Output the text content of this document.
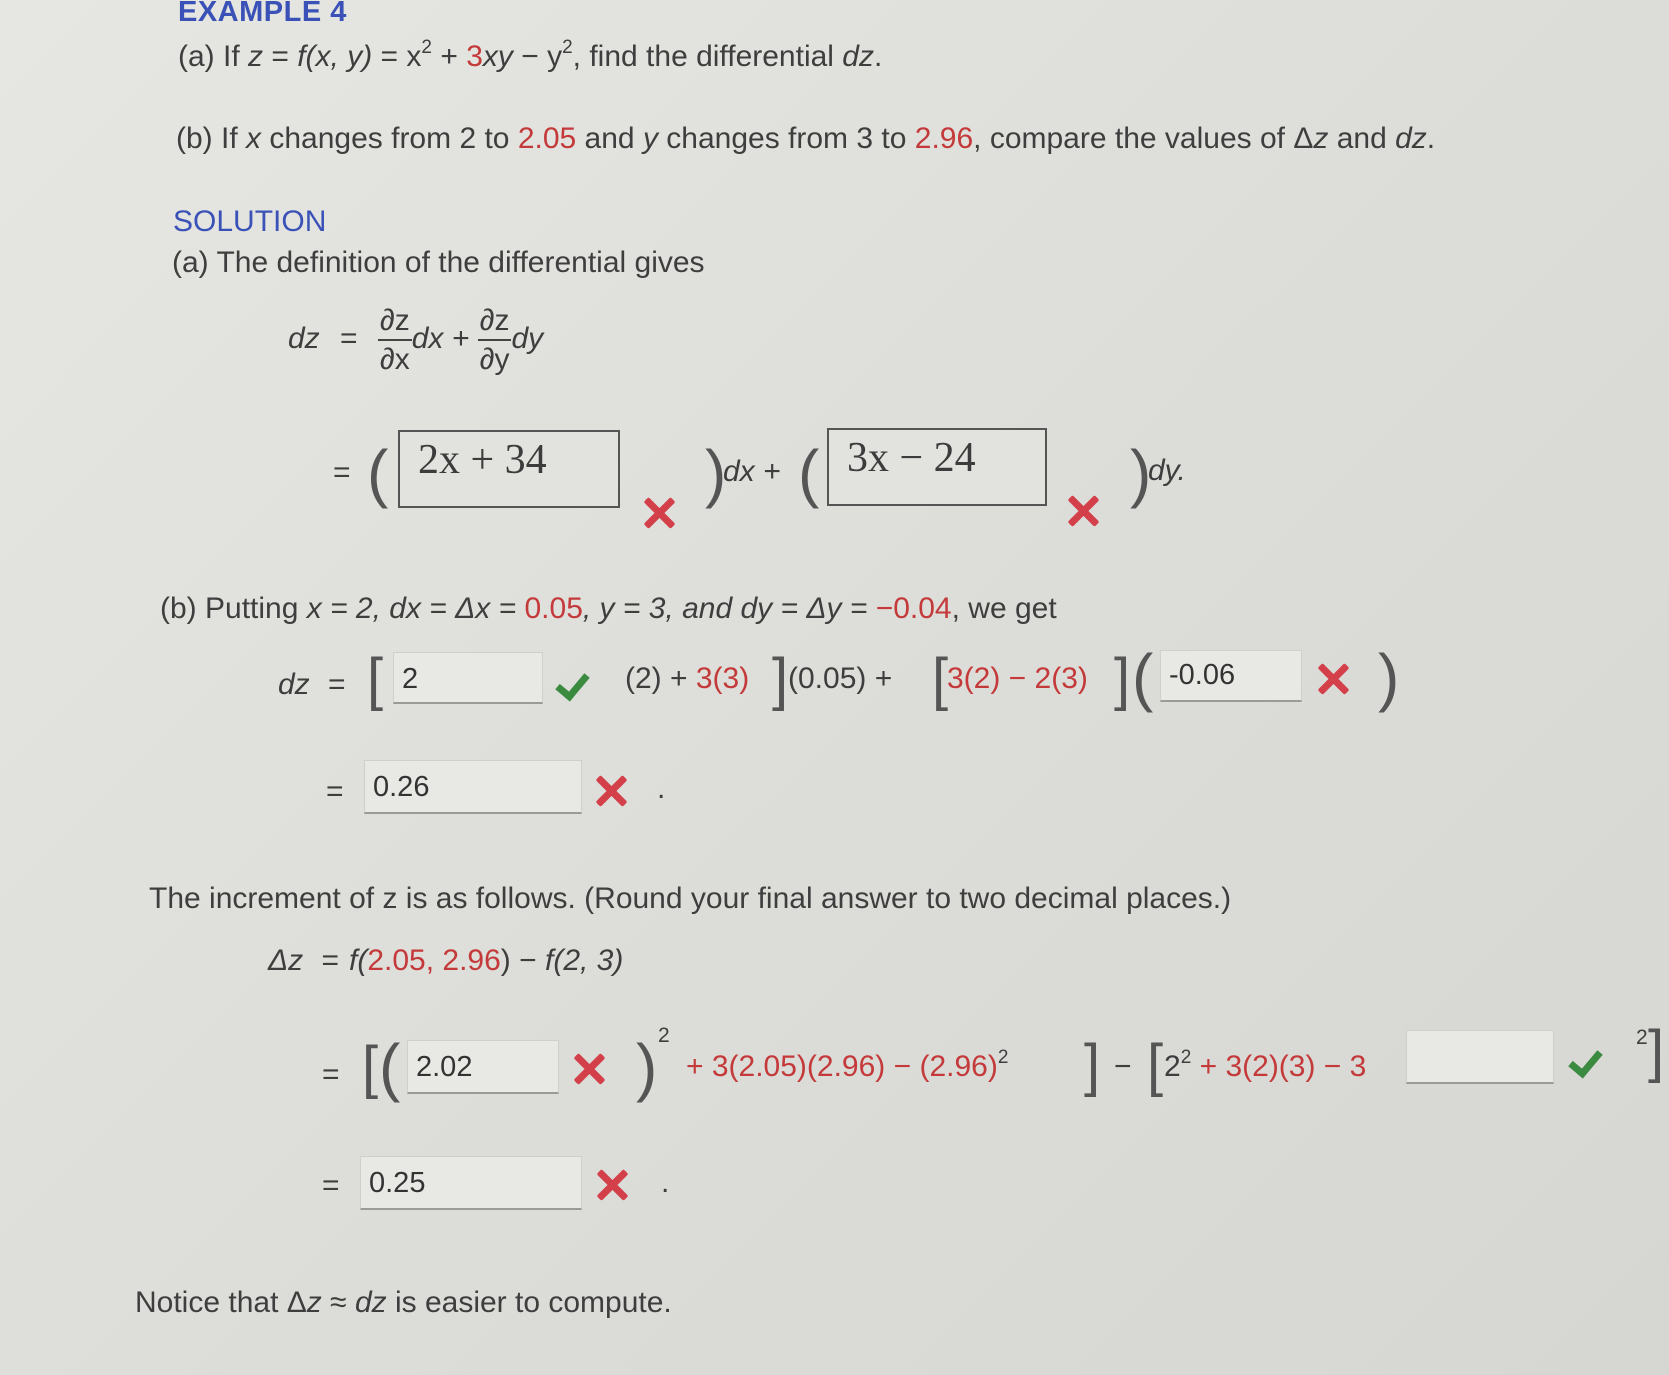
EXAMPLE 4
(a) If z = f(x, $y) = x^2 + 3xy - y^2$, find the differential dz.
(b) If x changes from 2 to 2.05 and y changes from 3 to 2.96, compare the values of Δz and dz.
SOLUTION
(a) The definition of the differential gives
dz = $\frac{\partial z}{\partial x}$ dx + $\frac{\partial z}{\partial y}$ dy
= ( 2x + 34	)
dx + ( 3x − 24	)
dy.
(b) Putting x = 2, dx = Δx = 0.05, y = 3, and dy = Δy = −0.04, we get
dz = [ 2	(2) + 3(3) ] (0.05) + [
3(2) − 2(3) ] ( -0.06	)
=	0.26	.
The increment of z is as follows. (Round your final answer to two decimal places.)
Δz = f(2.05, 2.96) − f(2, 3)
= [ ( 2.02	) 2
+ $3(2.05)(2.96) - (2.96)^2$ ] − [ $2^2 + 3(2)(3) - 3$
2 ]
=	0.25	.
Notice that Δz ≈ dz is easier to compute.
